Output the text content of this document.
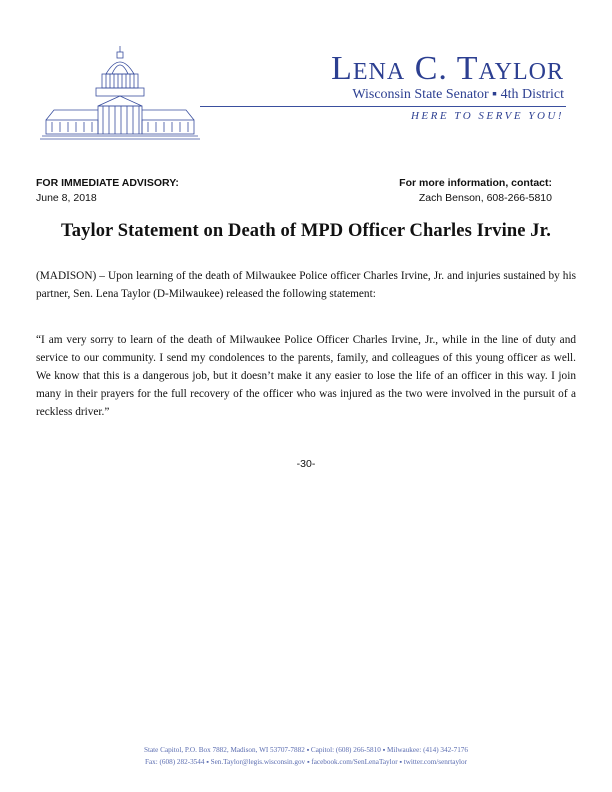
Lena C. Taylor
Wisconsin State Senator ▪ 4th District
HERE TO SERVE YOU!
FOR IMMEDIATE ADVISORY:
June 8, 2018
For more information, contact:
Zach Benson, 608-266-5810
Taylor Statement on Death of MPD Officer Charles Irvine Jr.
(MADISON) – Upon learning of the death of Milwaukee Police officer Charles Irvine, Jr. and injuries sustained by his partner, Sen. Lena Taylor (D-Milwaukee) released the following statement:
“I am very sorry to learn of the death of Milwaukee Police Officer Charles Irvine, Jr., while in the line of duty and service to our community. I send my condolences to the parents, family, and colleagues of this young officer as well. We know that this is a dangerous job, but it doesn’t make it any easier to lose the life of an officer in this way. I join many in their prayers for the full recovery of the officer who was injured as the two were involved in the pursuit of a reckless driver.”
-30-
State Capitol, P.O. Box 7882, Madison, WI 53707-7882 ▪ Capitol: (608) 266-5810 ▪ Milwaukee: (414) 342-7176
Fax: (608) 282-3544 ▪ Sen.Taylor@legis.wisconsin.gov ▪ facebook.com/SenLenaTaylor ▪ twitter.com/senrtaylor
